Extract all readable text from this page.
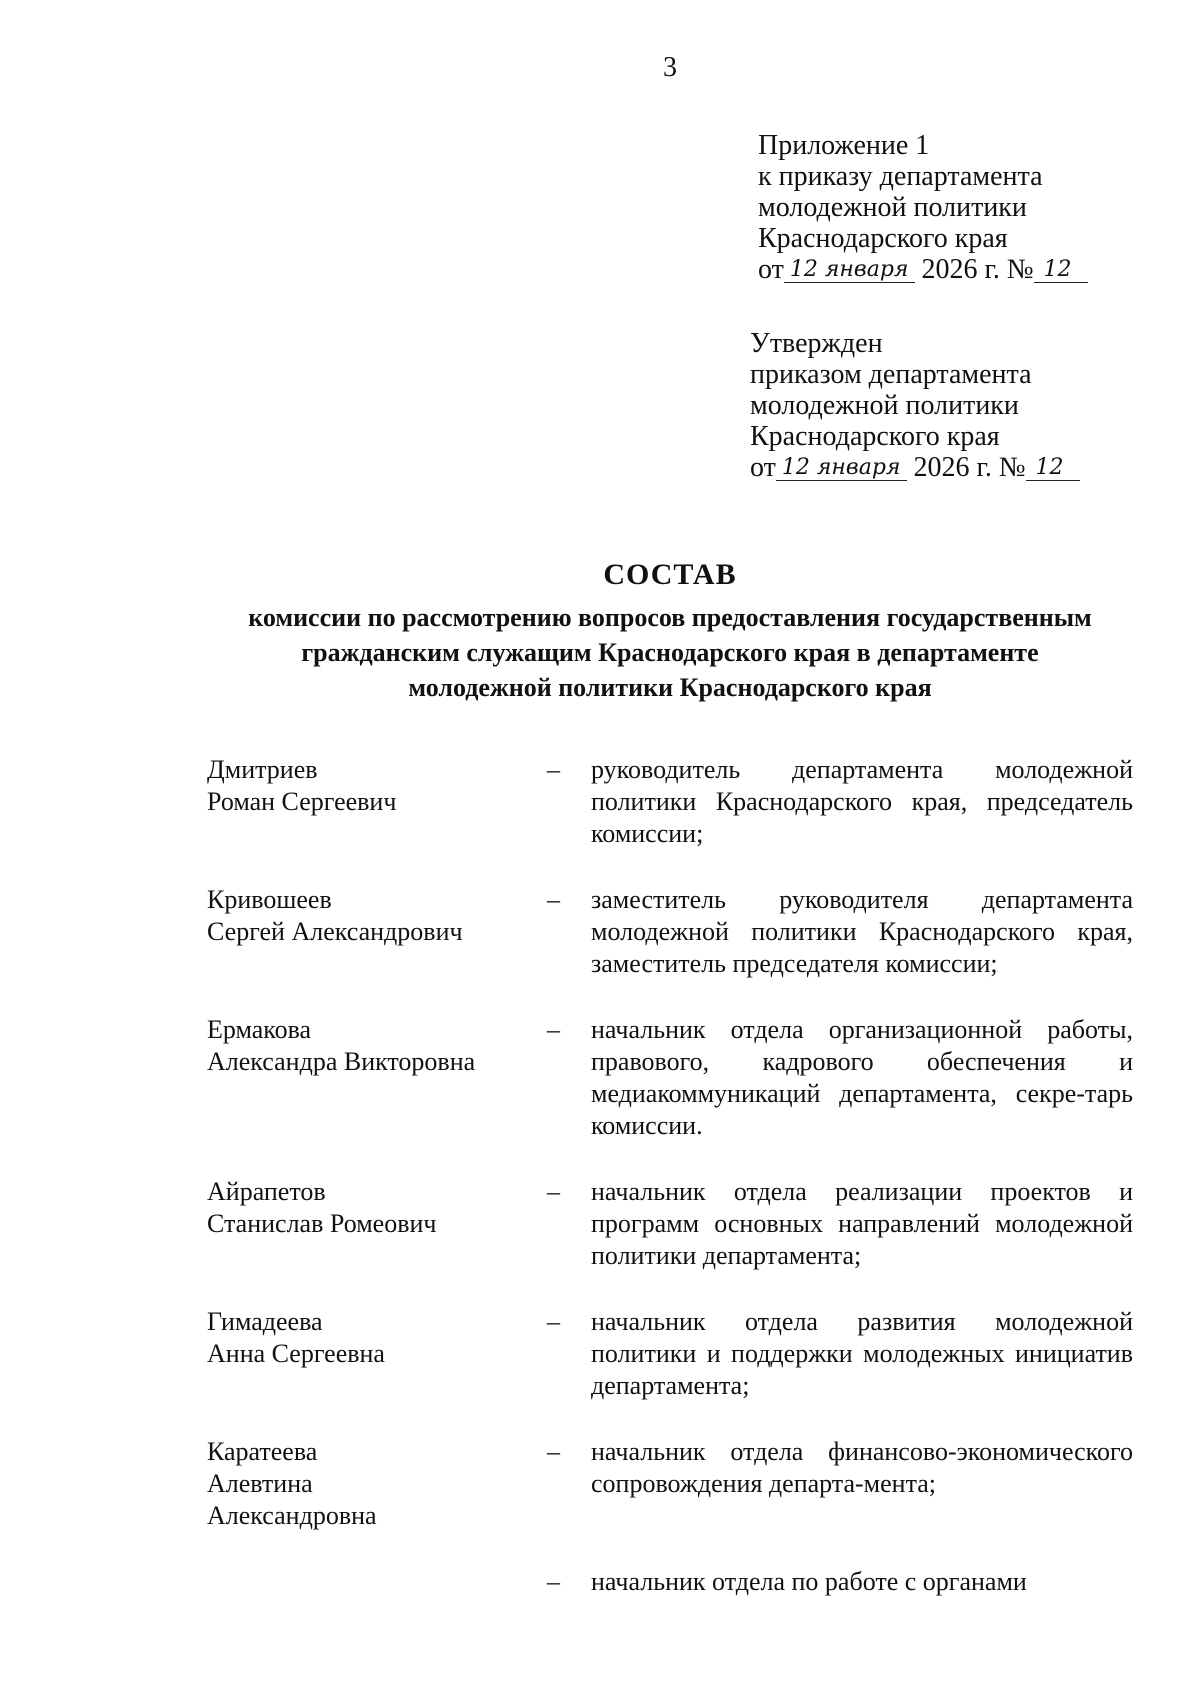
3
Приложение 1
к приказу департамента
молодежной политики
Краснодарского края
от 12 января 2026 г. № 12
Утвержден
приказом департамента
молодежной политики
Краснодарского края
от 12 января 2026 г. № 12
СОСТАВ
комиссии по рассмотрению вопросов предоставления государственным
гражданским служащим Краснодарского края в департаменте
молодежной политики Краснодарского края
Дмитриев
Роман Сергеевич
–	руководитель департамента молодежной политики Краснодарского края, председатель комиссии;
Кривошеев
Сергей Александрович
–	заместитель руководителя департамента молодежной политики Краснодарского края, заместитель председателя комиссии;
Ермакова
Александра Викторовна
–	начальник отдела организационной работы, правового, кадрового обеспечения и медиакоммуникаций департамента, секре-тарь комиссии.
Айрапетов
Станислав Ромеович
–	начальник отдела реализации проектов и программ основных направлений молодежной политики департамента;
Гимадеева
Анна Сергеевна
–	начальник отдела развития молодежной политики и поддержки молодежных инициатив департамента;
Каратеева
Алевтина
Александровна
–	начальник отдела финансово-экономического сопровождения департа-мента;
–	начальник отдела по работе с органами
